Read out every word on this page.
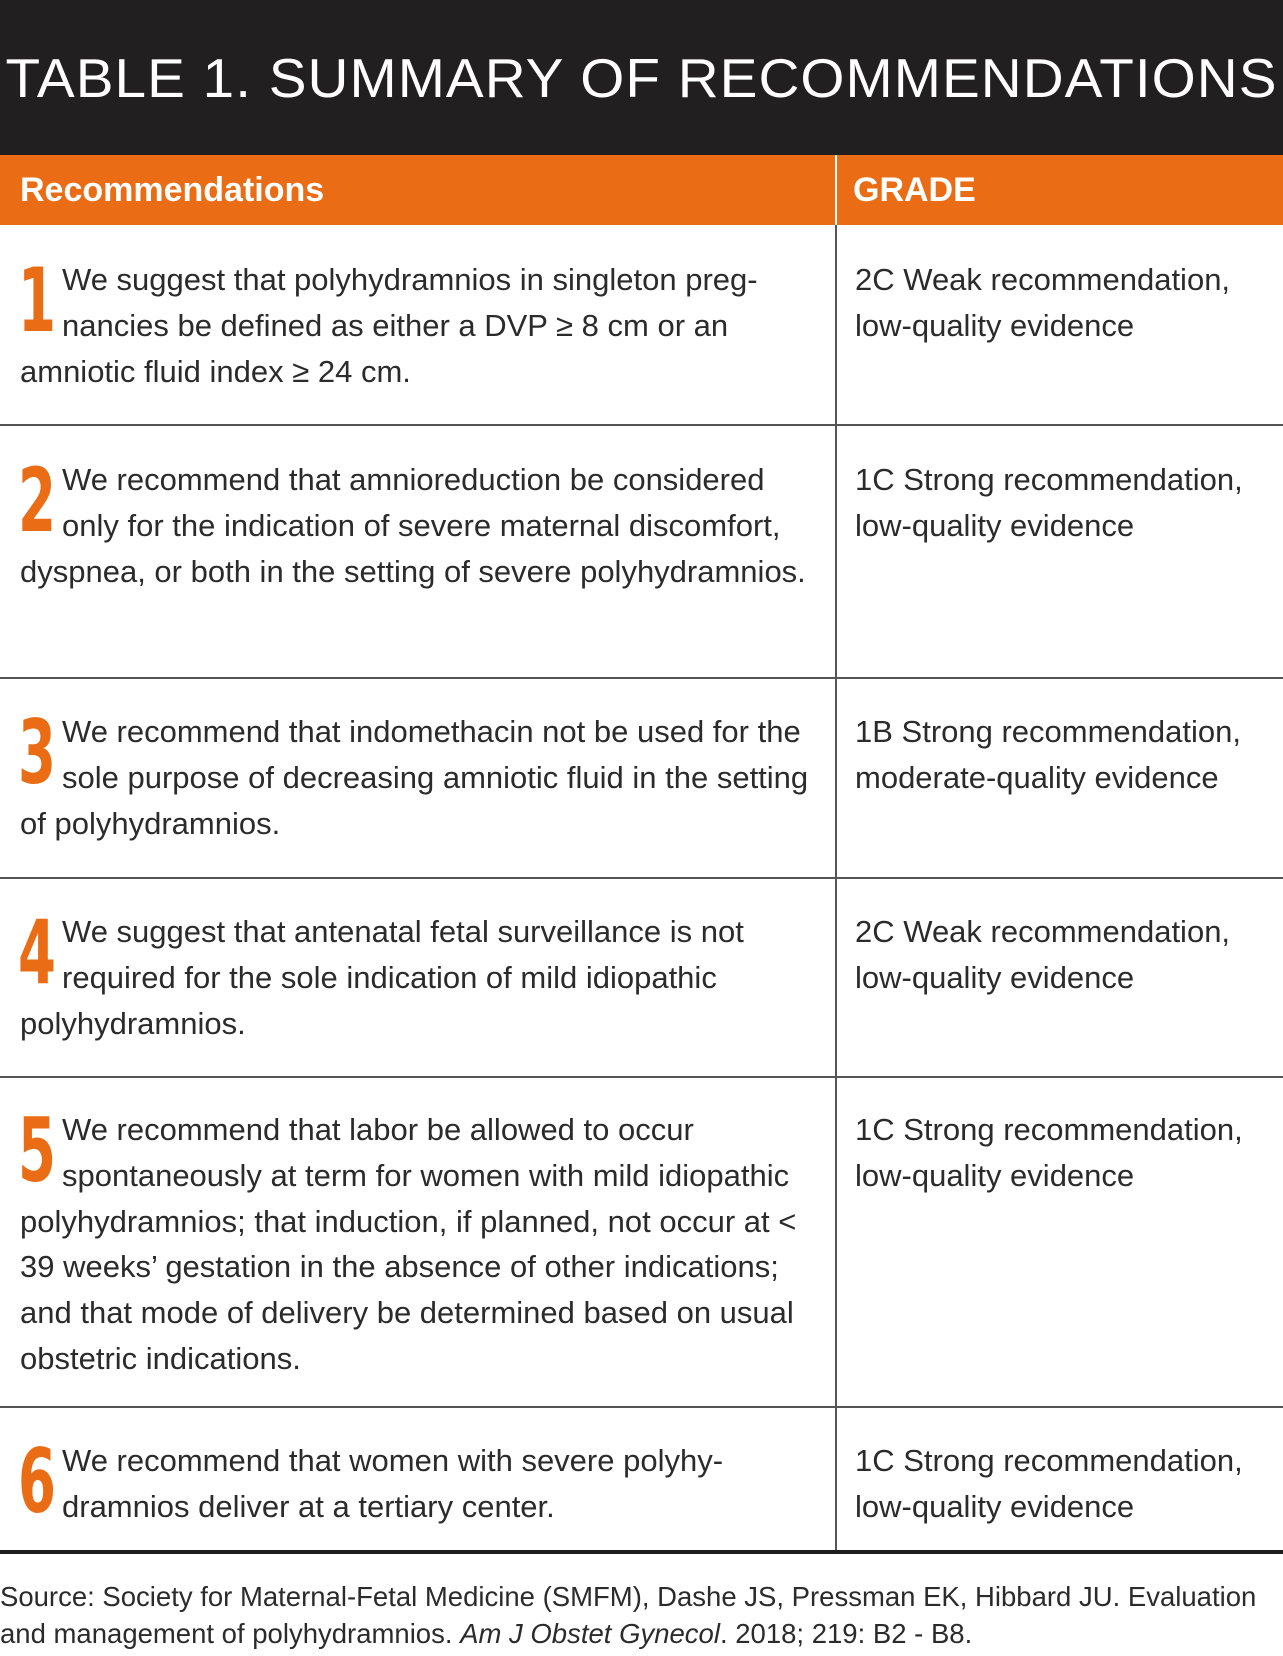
TABLE 1. SUMMARY OF RECOMMENDATIONS
Recommendations	GRADE
1 We suggest that polyhydramnios in singleton pregnancies be defined as either a DVP ≥ 8 cm or an amniotic fluid index ≥ 24 cm.
2C Weak recommendation, low-quality evidence
2 We recommend that amnioreduction be considered only for the indication of severe maternal discomfort, dyspnea, or both in the setting of severe polyhydramnios.
1C Strong recommendation, low-quality evidence
3 We recommend that indomethacin not be used for the sole purpose of decreasing amniotic fluid in the setting of polyhydramnios.
1B Strong recommendation, moderate-quality evidence
4 We suggest that antenatal fetal surveillance is not required for the sole indication of mild idiopathic polyhydramnios.
2C Weak recommendation, low-quality evidence
5 We recommend that labor be allowed to occur spontaneously at term for women with mild idiopathic polyhydramnios; that induction, if planned, not occur at < 39 weeks’ gestation in the absence of other indications; and that mode of delivery be determined based on usual obstetric indications.
1C Strong recommendation, low-quality evidence
6 We recommend that women with severe polyhydramnios deliver at a tertiary center.
1C Strong recommendation, low-quality evidence
Source: Society for Maternal-Fetal Medicine (SMFM), Dashe JS, Pressman EK, Hibbard JU. Evaluation and management of polyhydramnios. Am J Obstet Gynecol. 2018; 219: B2 - B8.
